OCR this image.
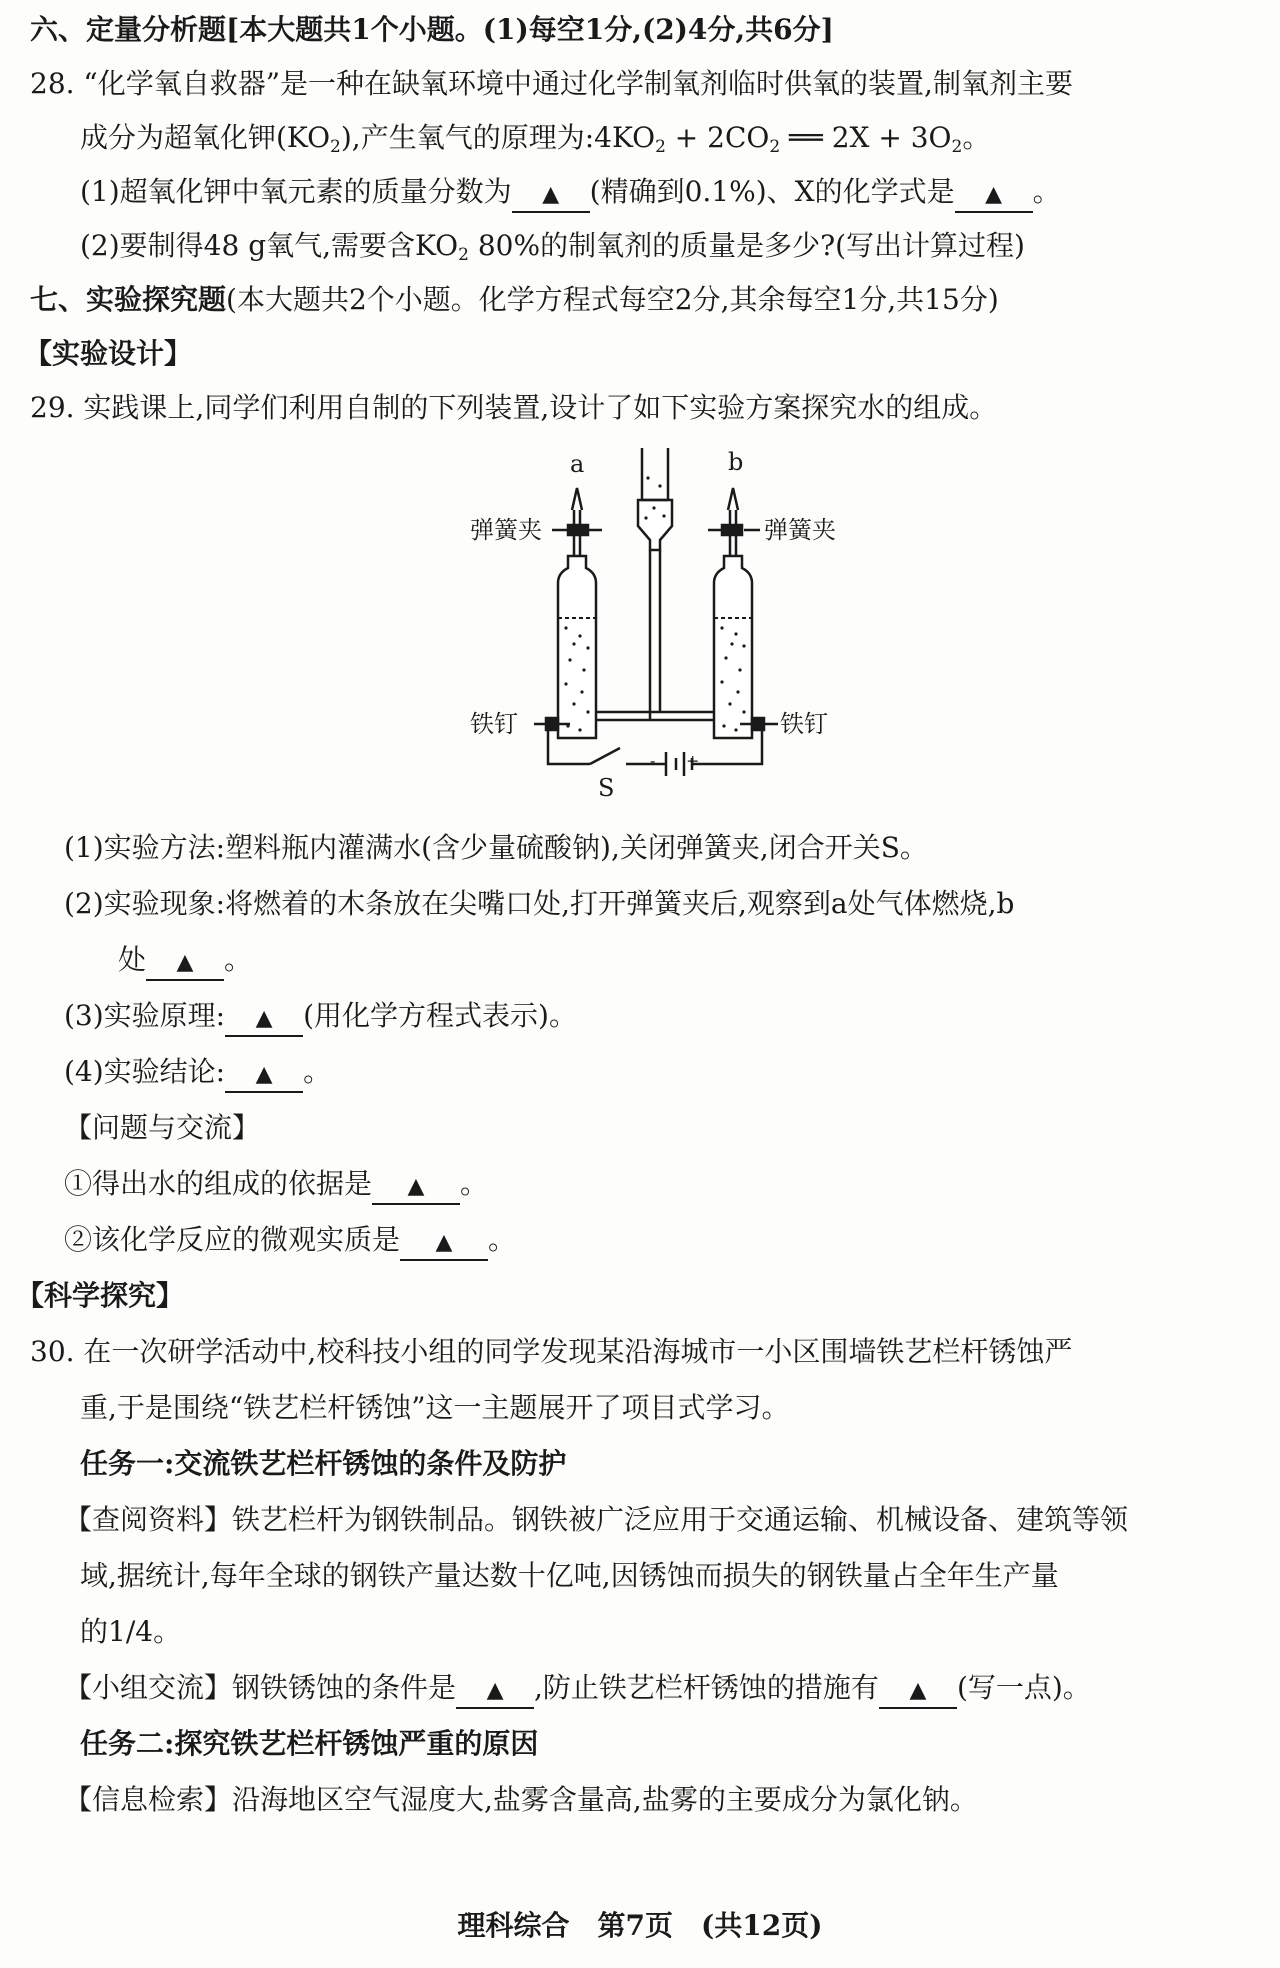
六、定量分析题[本大题共1个小题。(1)每空1分,(2)4分,共6分]
28. “化学氧自救器”是一种在缺氧环境中通过化学制氧剂临时供氧的装置,制氧剂主要
成分为超氧化钾$(KO_2)$,产生氧气的原理为$:4KO_2 + 2CO_2$ ══ $2X + 3O_2$。
(1)超氧化钾中氧元素的质量分数为 ▲ (精确到0.1%)、X的化学式是 ▲ 。
(2)要制得48 g氧气,需要含$KO_2$ 80%的制氧剂的质量是多少?(写出计算过程)
七、实验探究题(本大题共2个小题。化学方程式每空2分,其余每空1分,共15分)
【实验设计】
29. 实践课上,同学们利用自制的下列装置,设计了如下实验方案探究水的组成。
+
-
a	b
弹簧夹	弹簧夹
铁钉	铁钉
S
(1)实验方法:塑料瓶内灌满水(含少量硫酸钠),关闭弹簧夹,闭合开关S。
(2)实验现象:将燃着的木条放在尖嘴口处,打开弹簧夹后,观察到a处气体燃烧,b
处 ▲ 。
(3)实验原理: ▲ (用化学方程式表示)。
(4)实验结论: ▲ 。
【问题与交流】
①得出水的组成的依据是 ▲ 。
②该化学反应的微观实质是 ▲ 。
【科学探究】
30. 在一次研学活动中,校科技小组的同学发现某沿海城市一小区围墙铁艺栏杆锈蚀严
重,于是围绕“铁艺栏杆锈蚀”这一主题展开了项目式学习。
任务一:交流铁艺栏杆锈蚀的条件及防护
【查阅资料】铁艺栏杆为钢铁制品。钢铁被广泛应用于交通运输、机械设备、建筑等领
域,据统计,每年全球的钢铁产量达数十亿吨,因锈蚀而损失的钢铁量占全年生产量
的1/4。
【小组交流】钢铁锈蚀的条件是 ▲ ,防止铁艺栏杆锈蚀的措施有 ▲ (写一点)。
任务二:探究铁艺栏杆锈蚀严重的原因
【信息检索】沿海地区空气湿度大,盐雾含量高,盐雾的主要成分为氯化钠。
理科综合 第7页 (共12页)
